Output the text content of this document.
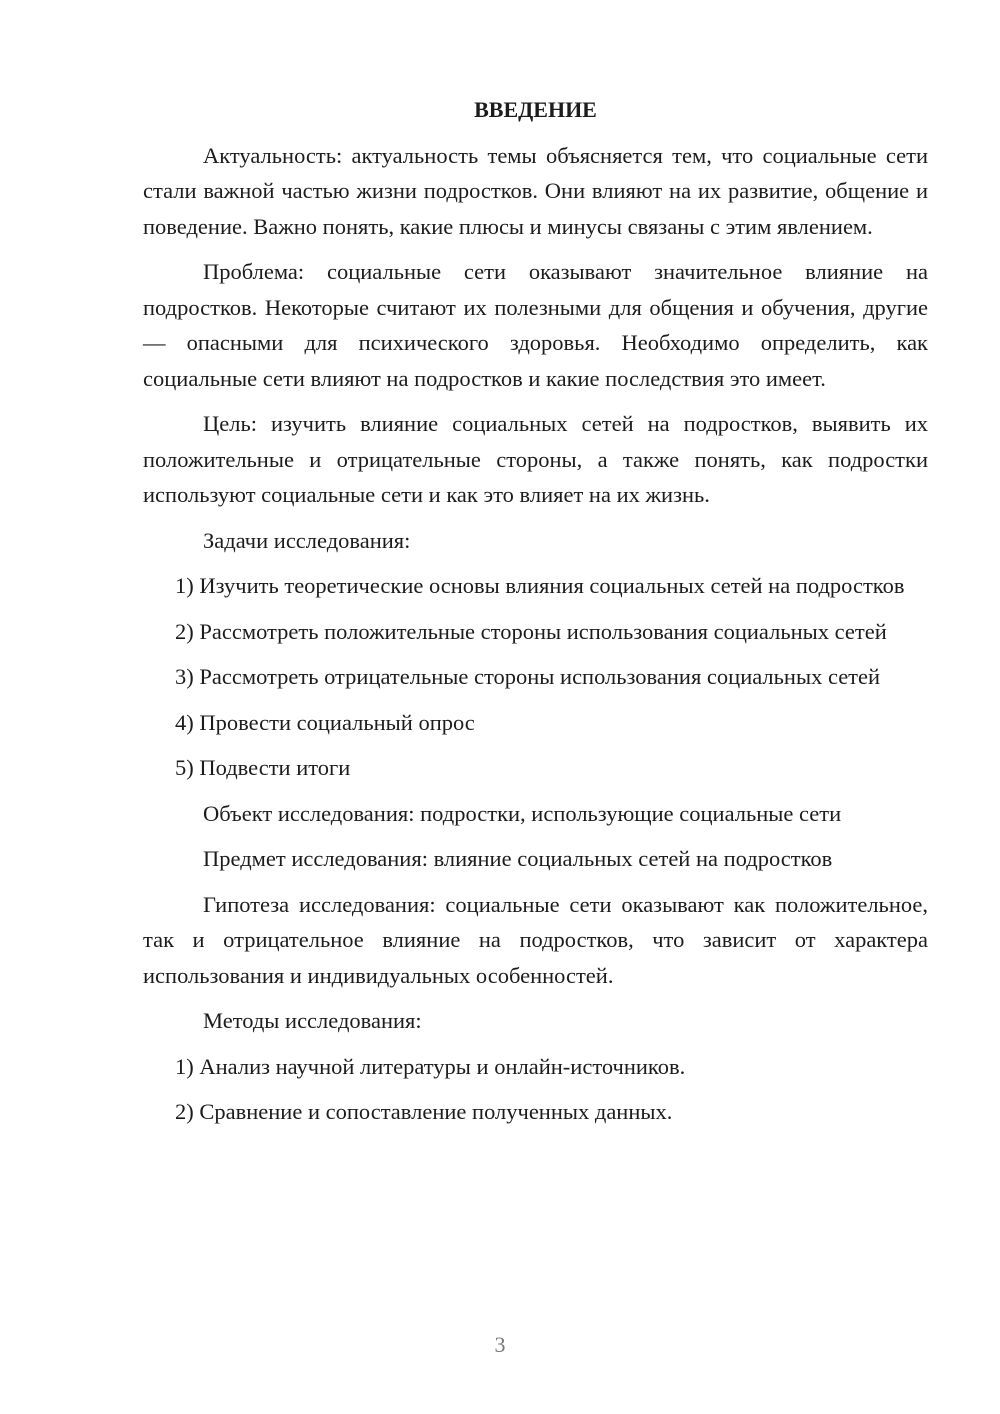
ВВЕДЕНИЕ

Актуальность: актуальность темы объясняется тем, что социальные сети стали важной частью жизни подростков. Они влияют на их развитие, общение и поведение. Важно понять, какие плюсы и минусы связаны с этим явлением.

Проблема: социальные сети оказывают значительное влияние на подростков. Некоторые считают их полезными для общения и обучения, другие — опасными для психического здоровья. Необходимо определить, как социальные сети влияют на подростков и какие последствия это имеет.

Цель: изучить влияние социальных сетей на подростков, выявить их положительные и отрицательные стороны, а также понять, как подростки используют социальные сети и как это влияет на их жизнь.

Задачи исследования:

1) Изучить теоретические основы влияния социальных сетей на подростков

2) Рассмотреть положительные стороны использования социальных сетей

3) Рассмотреть отрицательные стороны использования социальных сетей

4) Провести социальный опрос

5) Подвести итоги

Объект исследования: подростки, использующие социальные сети

Предмет исследования: влияние социальных сетей на подростков

Гипотеза исследования: социальные сети оказывают как положительное, так и отрицательное влияние на подростков, что зависит от характера использования и индивидуальных особенностей.

Методы исследования:

1) Анализ научной литературы и онлайн-источников.

2) Сравнение и сопоставление полученных данных.

3
